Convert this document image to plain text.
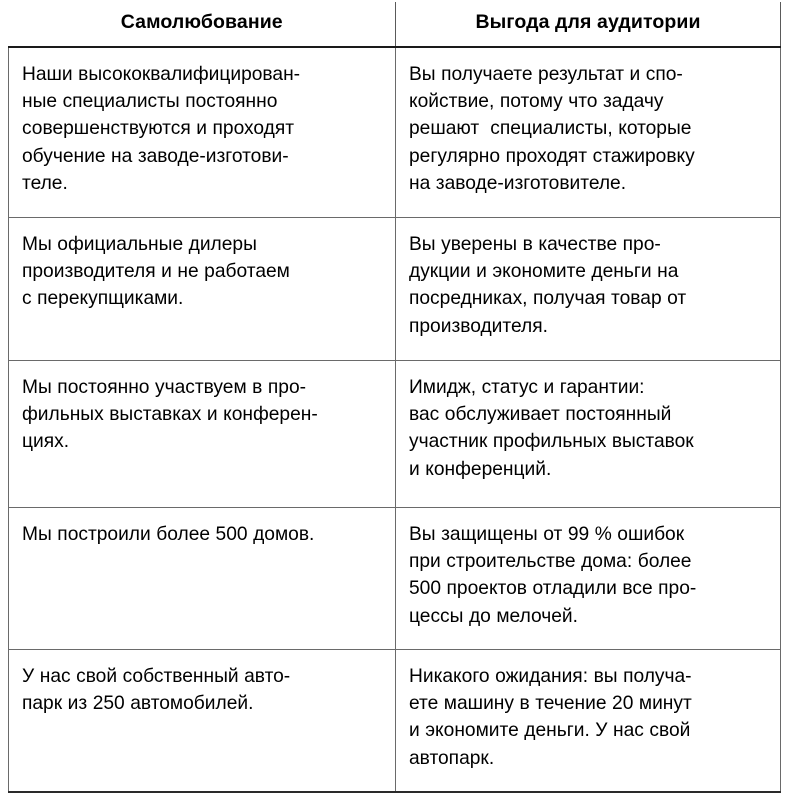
Самолюбование	Выгода для аудитории

Наши высококвалифицирован-
ные специалисты постоянно
совершенствуются и проходят
обучение на заводе-изготови-
теле.	Вы получаете результат и спо-
койствие, потому что задачу
решают  специалисты, которые
регулярно проходят стажировку
на заводе-изготовителе.

Мы официальные дилеры
производителя и не работаем
с перекупщиками.	Вы уверены в качестве про-
дукции и экономите деньги на
посредниках, получая товар от
производителя.

Мы постоянно участвуем в про-
фильных выставках и конферен-
циях.	Имидж, статус и гарантии:
вас обслуживает постоянный
участник профильных выставок
и конференций.

Мы построили более 500 домов.	Вы защищены от 99 % ошибок
при строительстве дома: более
500 проектов отладили все про-
цессы до мелочей.

У нас свой собственный авто-
парк из 250 автомобилей.	Никакого ожидания: вы получа-
ете машину в течение 20 минут
и экономите деньги. У нас свой
автопарк.
